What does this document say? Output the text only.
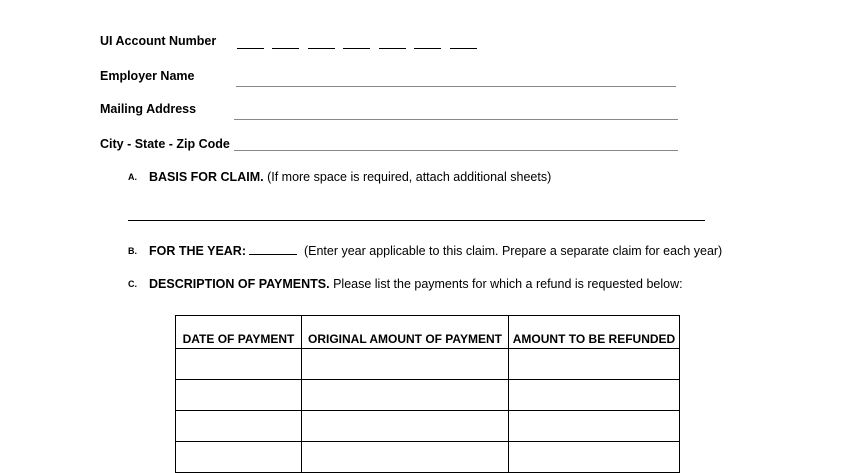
UI Account Number
Employer Name
Mailing Address
City - State - Zip Code
A. BASIS FOR CLAIM. (If more space is required, attach additional sheets)
B. FOR THE YEAR:	(Enter year applicable to this claim. Prepare a separate claim for each year)
C. DESCRIPTION OF PAYMENTS. Please list the payments for which a refund is requested below:
DATE OF PAYMENT	ORIGINAL AMOUNT OF PAYMENT	AMOUNT TO BE REFUNDED
